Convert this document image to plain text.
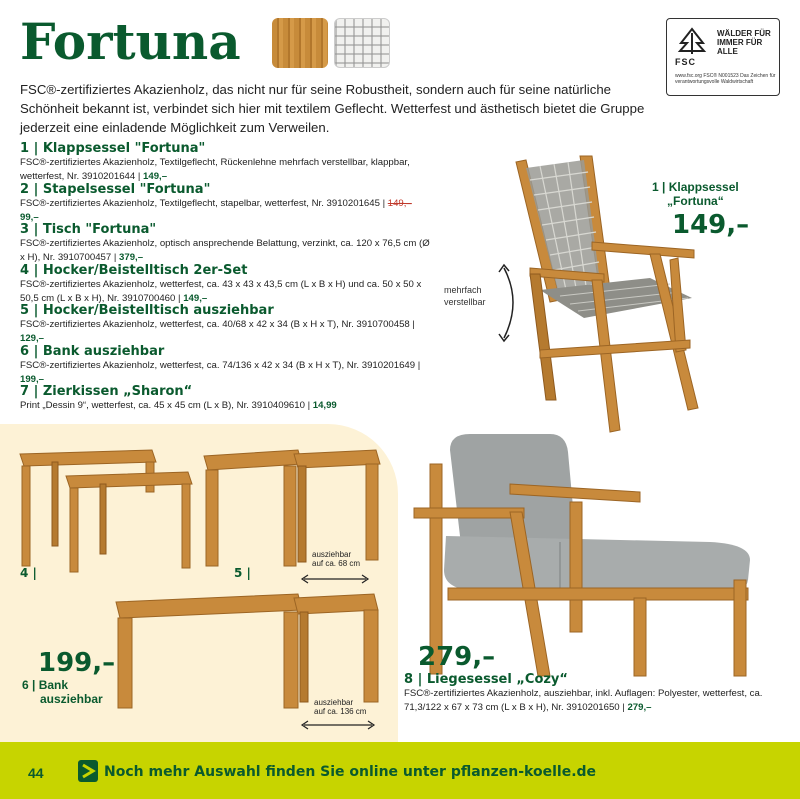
Fortuna	FSC
WÄLDER FÜR IMMER FÜR ALLE
www.fsc.org FSC® N001523 Das Zeichen für verantwortungsvolle Waldwirtschaft
FSC®-zertifiziertes Akazienholz, das nicht nur für seine Robustheit, sondern auch für seine natürliche Schönheit bekannt ist, verbindet sich hier mit textilem Geflecht. Wetterfest und ästhetisch bietet die Gruppe jederzeit eine einladende Möglichkeit zum Verweilen.
1 | Klappsessel "Fortuna"
FSC®-zertifiziertes Akazienholz, Textilgeflecht, Rückenlehne mehrfach verstellbar, klappbar, wetterfest, Nr. 3910201644 | 149,–
2 | Stapelsessel "Fortuna"
FSC®-zertifiziertes Akazienholz, Textilgeflecht, stapelbar, wetterfest, Nr. 3910201645 | 149,– 99,–
3 | Tisch "Fortuna"
FSC®-zertifiziertes Akazienholz, optisch ansprechende Belattung, verzinkt, ca. 120 x 76,5 cm (Ø x H), Nr. 3910700457 | 379,–
4 | Hocker/Beistelltisch 2er-Set
FSC®-zertifiziertes Akazienholz, wetterfest, ca. 43 x 43 x 43,5 cm (L x B x H) und ca. 50 x 50 x 50,5 cm (L x B x H), Nr. 3910700460 | 149,–
5 | Hocker/Beistelltisch ausziehbar
FSC®-zertifiziertes Akazienholz, wetterfest, ca. 40/68 x 42 x 34 (B x H x T), Nr. 3910700458 | 129,–
6 | Bank ausziehbar
FSC®-zertifiziertes Akazienholz, wetterfest, ca. 74/136 x 42 x 34 (B x H x T), Nr. 3910201649 | 199,–
7 | Zierkissen „Sharon“
Print „Dessin 9“, wetterfest, ca. 45 x 45 cm (L x B), Nr. 3910409610 | 14,99
1 | Klappsessel
„Fortuna“
149,–
mehrfach
verstellbar
4 |	5 |
ausziehbar
auf ca. 68 cm
199,–
6 | Bank
ausziehbar	ausziehbar
auf ca. 136 cm
279,–
8 | Liegesessel „Cozy“
FSC®-zertifiziertes Akazienholz, ausziehbar, inkl. Auflagen: Polyester, wetterfest, ca. 71,3/122 x 67 x 73 cm (L x B x H), Nr. 3910201650 | 279,–
44	Noch mehr Auswahl finden Sie online unter pflanzen-koelle.de
